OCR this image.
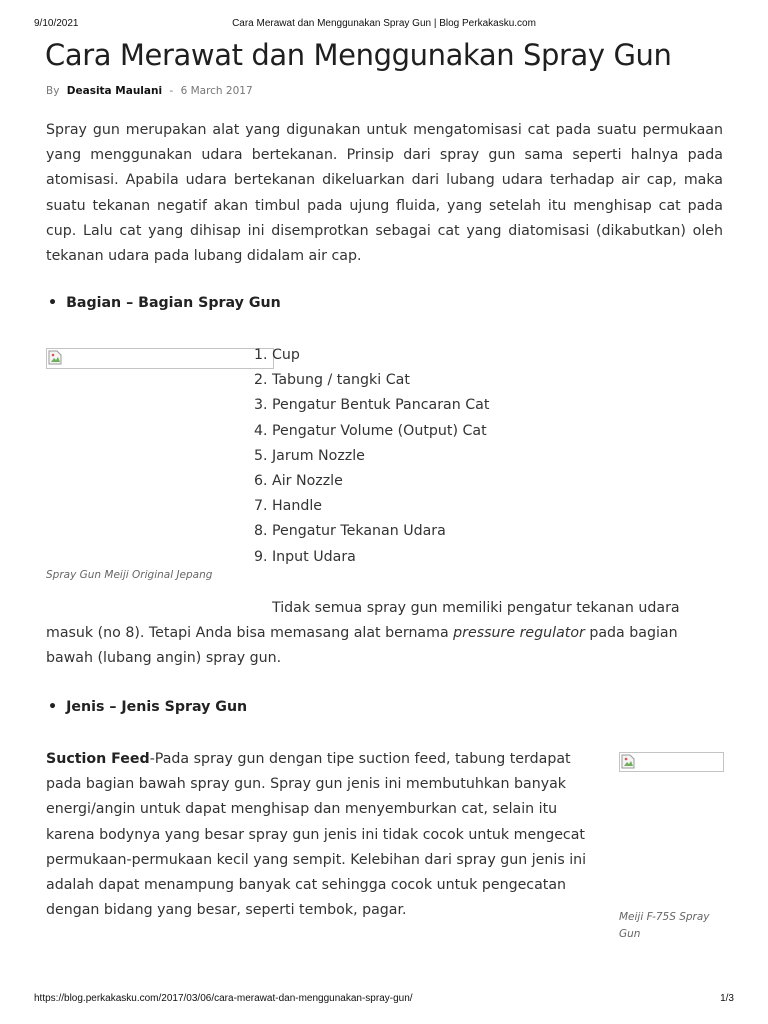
9/10/2021	Cara Merawat dan Menggunakan Spray Gun | Blog Perkakasku.com
Cara Merawat dan Menggunakan Spray Gun
By Deasita Maulani - 6 March 2017

Spray gun merupakan alat yang digunakan untuk mengatomisasi cat pada suatu permukaan yang menggunakan udara bertekanan. Prinsip dari spray gun sama seperti halnya pada atomisasi. Apabila udara bertekanan dikeluarkan dari lubang udara terhadap air cap, maka suatu tekanan negatif akan timbul pada ujung fluida, yang setelah itu menghisap cat pada cup. Lalu cat yang dihisap ini disemprotkan sebagai cat yang diatomisasi (dikabutkan) oleh tekanan udara pada lubang didalam air cap.

• Bagian – Bagian Spray Gun
Spray Gun Meiji Original Jepang
1. Cup
2. Tabung / tangki Cat
3. Pengatur Bentuk Pancaran Cat
4. Pengatur Volume (Output) Cat
5. Jarum Nozzle
6. Air Nozzle
7. Handle
8. Pengatur Tekanan Udara
9. Input Udara

Tidak semua spray gun memiliki pengatur tekanan udara masuk (no 8). Tetapi Anda bisa memasang alat bernama pressure regulator pada bagian bawah (lubang angin) spray gun.

• Jenis – Jenis Spray Gun

Suction Feed-Pada spray gun dengan tipe suction feed, tabung terdapat pada bagian bawah spray gun. Spray gun jenis ini membutuhkan banyak energi/angin untuk dapat menghisap dan menyemburkan cat, selain itu karena bodynya yang besar spray gun jenis ini tidak cocok untuk mengecat permukaan-permukaan kecil yang sempit. Kelebihan dari spray gun jenis ini adalah dapat menampung banyak cat sehingga cocok untuk pengecatan dengan bidang yang besar, seperti tembok, pagar.	Meiji F-75S Spray
Gun
https://blog.perkakasku.com/2017/03/06/cara-merawat-dan-menggunakan-spray-gun/	1/3
